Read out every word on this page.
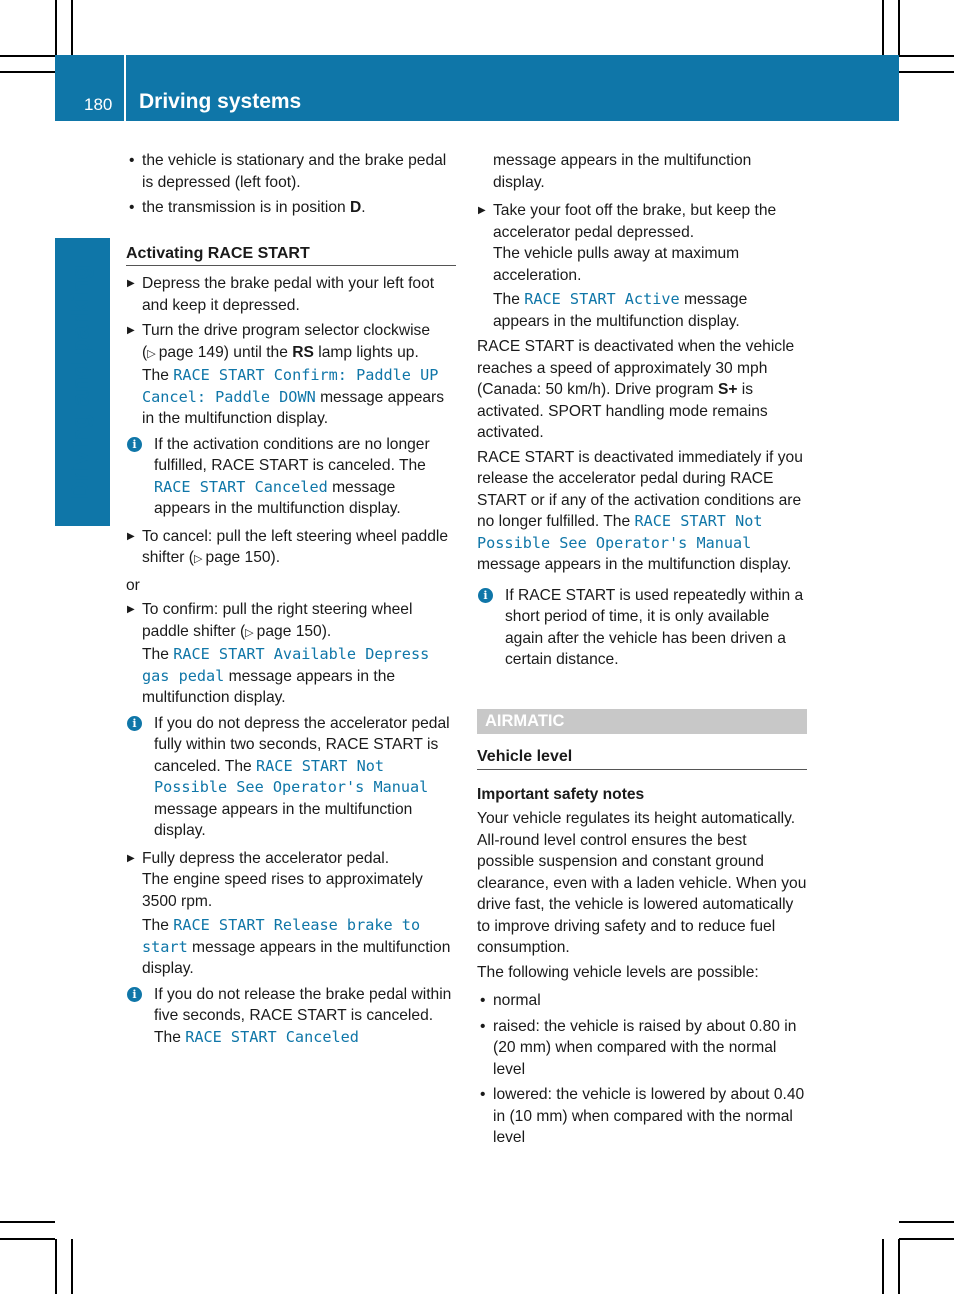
180 Driving systems
Driving and parking
• the vehicle is stationary and the brake pedal is depressed (left foot).
• the transmission is in position D.
Activating RACE START
▶ Depress the brake pedal with your left foot and keep it depressed.
▶ Turn the drive program selector clockwise
(▷ page 149) until the RS lamp lights up.
The RACE START Confirm: Paddle UP Cancel: Paddle DOWN message appears in the multifunction display.
i	If the activation conditions are no longer fulfilled, RACE START is canceled. The RACE START Canceled message appears in the multifunction display.
▶ To cancel: pull the left steering wheel paddle shifter (▷ page 150).
or
▶ To confirm: pull the right steering wheel paddle shifter (▷ page 150).
The RACE START Available Depress gas pedal message appears in the multifunction display.
i	If you do not depress the accelerator pedal fully within two seconds, RACE START is canceled. The RACE START Not Possible See Operator's Manual message appears in the multifunction display.
▶ Fully depress the accelerator pedal.
The engine speed rises to approximately 3500 rpm.
The RACE START Release brake to start message appears in the multifunction display.
i	If you do not release the brake pedal within five seconds, RACE START is canceled. The RACE START Canceled
message appears in the multifunction display.
▶ Take your foot off the brake, but keep the accelerator pedal depressed.
The vehicle pulls away at maximum acceleration.
The RACE START Active message appears in the multifunction display.
RACE START is deactivated when the vehicle reaches a speed of approximately 30 mph (Canada: 50 km/h). Drive program S+ is activated. SPORT handling mode remains activated.
RACE START is deactivated immediately if you release the accelerator pedal during RACE START or if any of the activation conditions are no longer fulfilled. The RACE START Not Possible See Operator's Manual message appears in the multifunction display.
i	If RACE START is used repeatedly within a short period of time, it is only available again after the vehicle has been driven a certain distance.
AIRMATIC
Vehicle level
Important safety notes
Your vehicle regulates its height automatically. All-round level control ensures the best possible suspension and constant ground clearance, even with a laden vehicle. When you drive fast, the vehicle is lowered automatically to improve driving safety and to reduce fuel consumption.
The following vehicle levels are possible:
• normal
• raised: the vehicle is raised by about 0.80 in (20 mm) when compared with the normal level
• lowered: the vehicle is lowered by about 0.40 in (10 mm) when compared with the normal level
